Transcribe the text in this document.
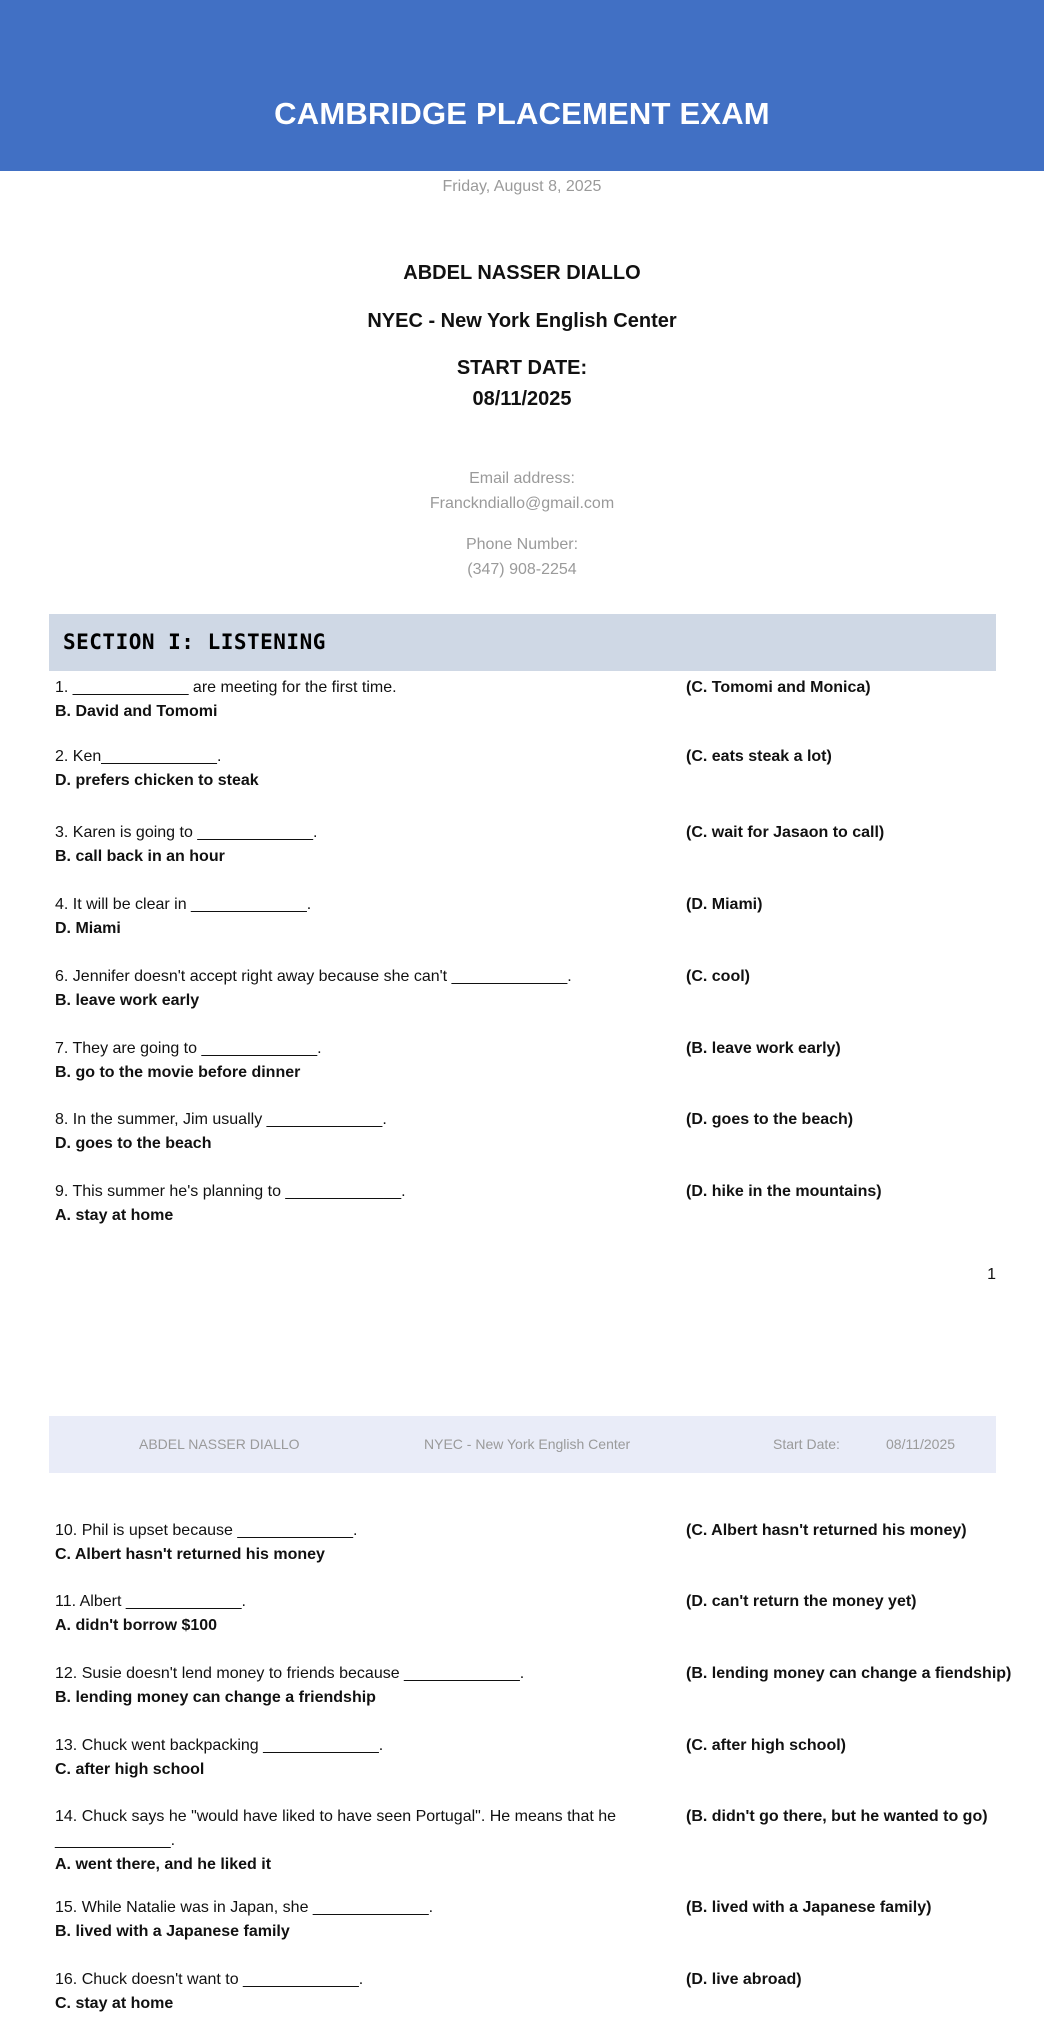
CAMBRIDGE PLACEMENT EXAM
Friday, August 8, 2025
ABDEL NASSER DIALLO
NYEC - New York English Center
START DATE:
08/11/2025
Email address:
Franckndiallo@gmail.com
Phone Number:
(347) 908-2254
SECTION I: LISTENING
1. _____________ are meeting for the first time.
B. David and Tomomi
(C. Tomomi and Monica)
2. Ken_____________.
D. prefers chicken to steak
(C. eats steak a lot)
3. Karen is going to _____________.
B. call back in an hour
(C. wait for Jasaon to call)
4. It will be clear in _____________.
D. Miami
(D. Miami)
6. Jennifer doesn't accept right away because she can't _____________.
B. leave work early
(C. cool)
7. They are going to _____________.
B. go to the movie before dinner
(B. leave work early)
8. In the summer, Jim usually _____________.
D. goes to the beach
(D. goes to the beach)
9. This summer he's planning to _____________.
A. stay at home
(D. hike in the mountains)
1
ABDEL NASSER DIALLO	NYEC - New York English Center	Start Date:	08/11/2025
10. Phil is upset because _____________.
C. Albert hasn't returned his money
(C. Albert hasn't returned his money)
11. Albert _____________.
A. didn't borrow $100
(D. can't return the money yet)
12. Susie doesn't lend money to friends because _____________.
B. lending money can change a friendship
(B. lending money can change a fiendship)
13. Chuck went backpacking _____________.
C. after high school
(C. after high school)
14. Chuck says he "would have liked to have seen Portugal". He means that he _____________.
A. went there, and he liked it
(B. didn't go there, but he wanted to go)
15. While Natalie was in Japan, she _____________.
B. lived with a Japanese family
(B. lived with a Japanese family)
16. Chuck doesn't want to _____________.
C. stay at home
(D. live abroad)
